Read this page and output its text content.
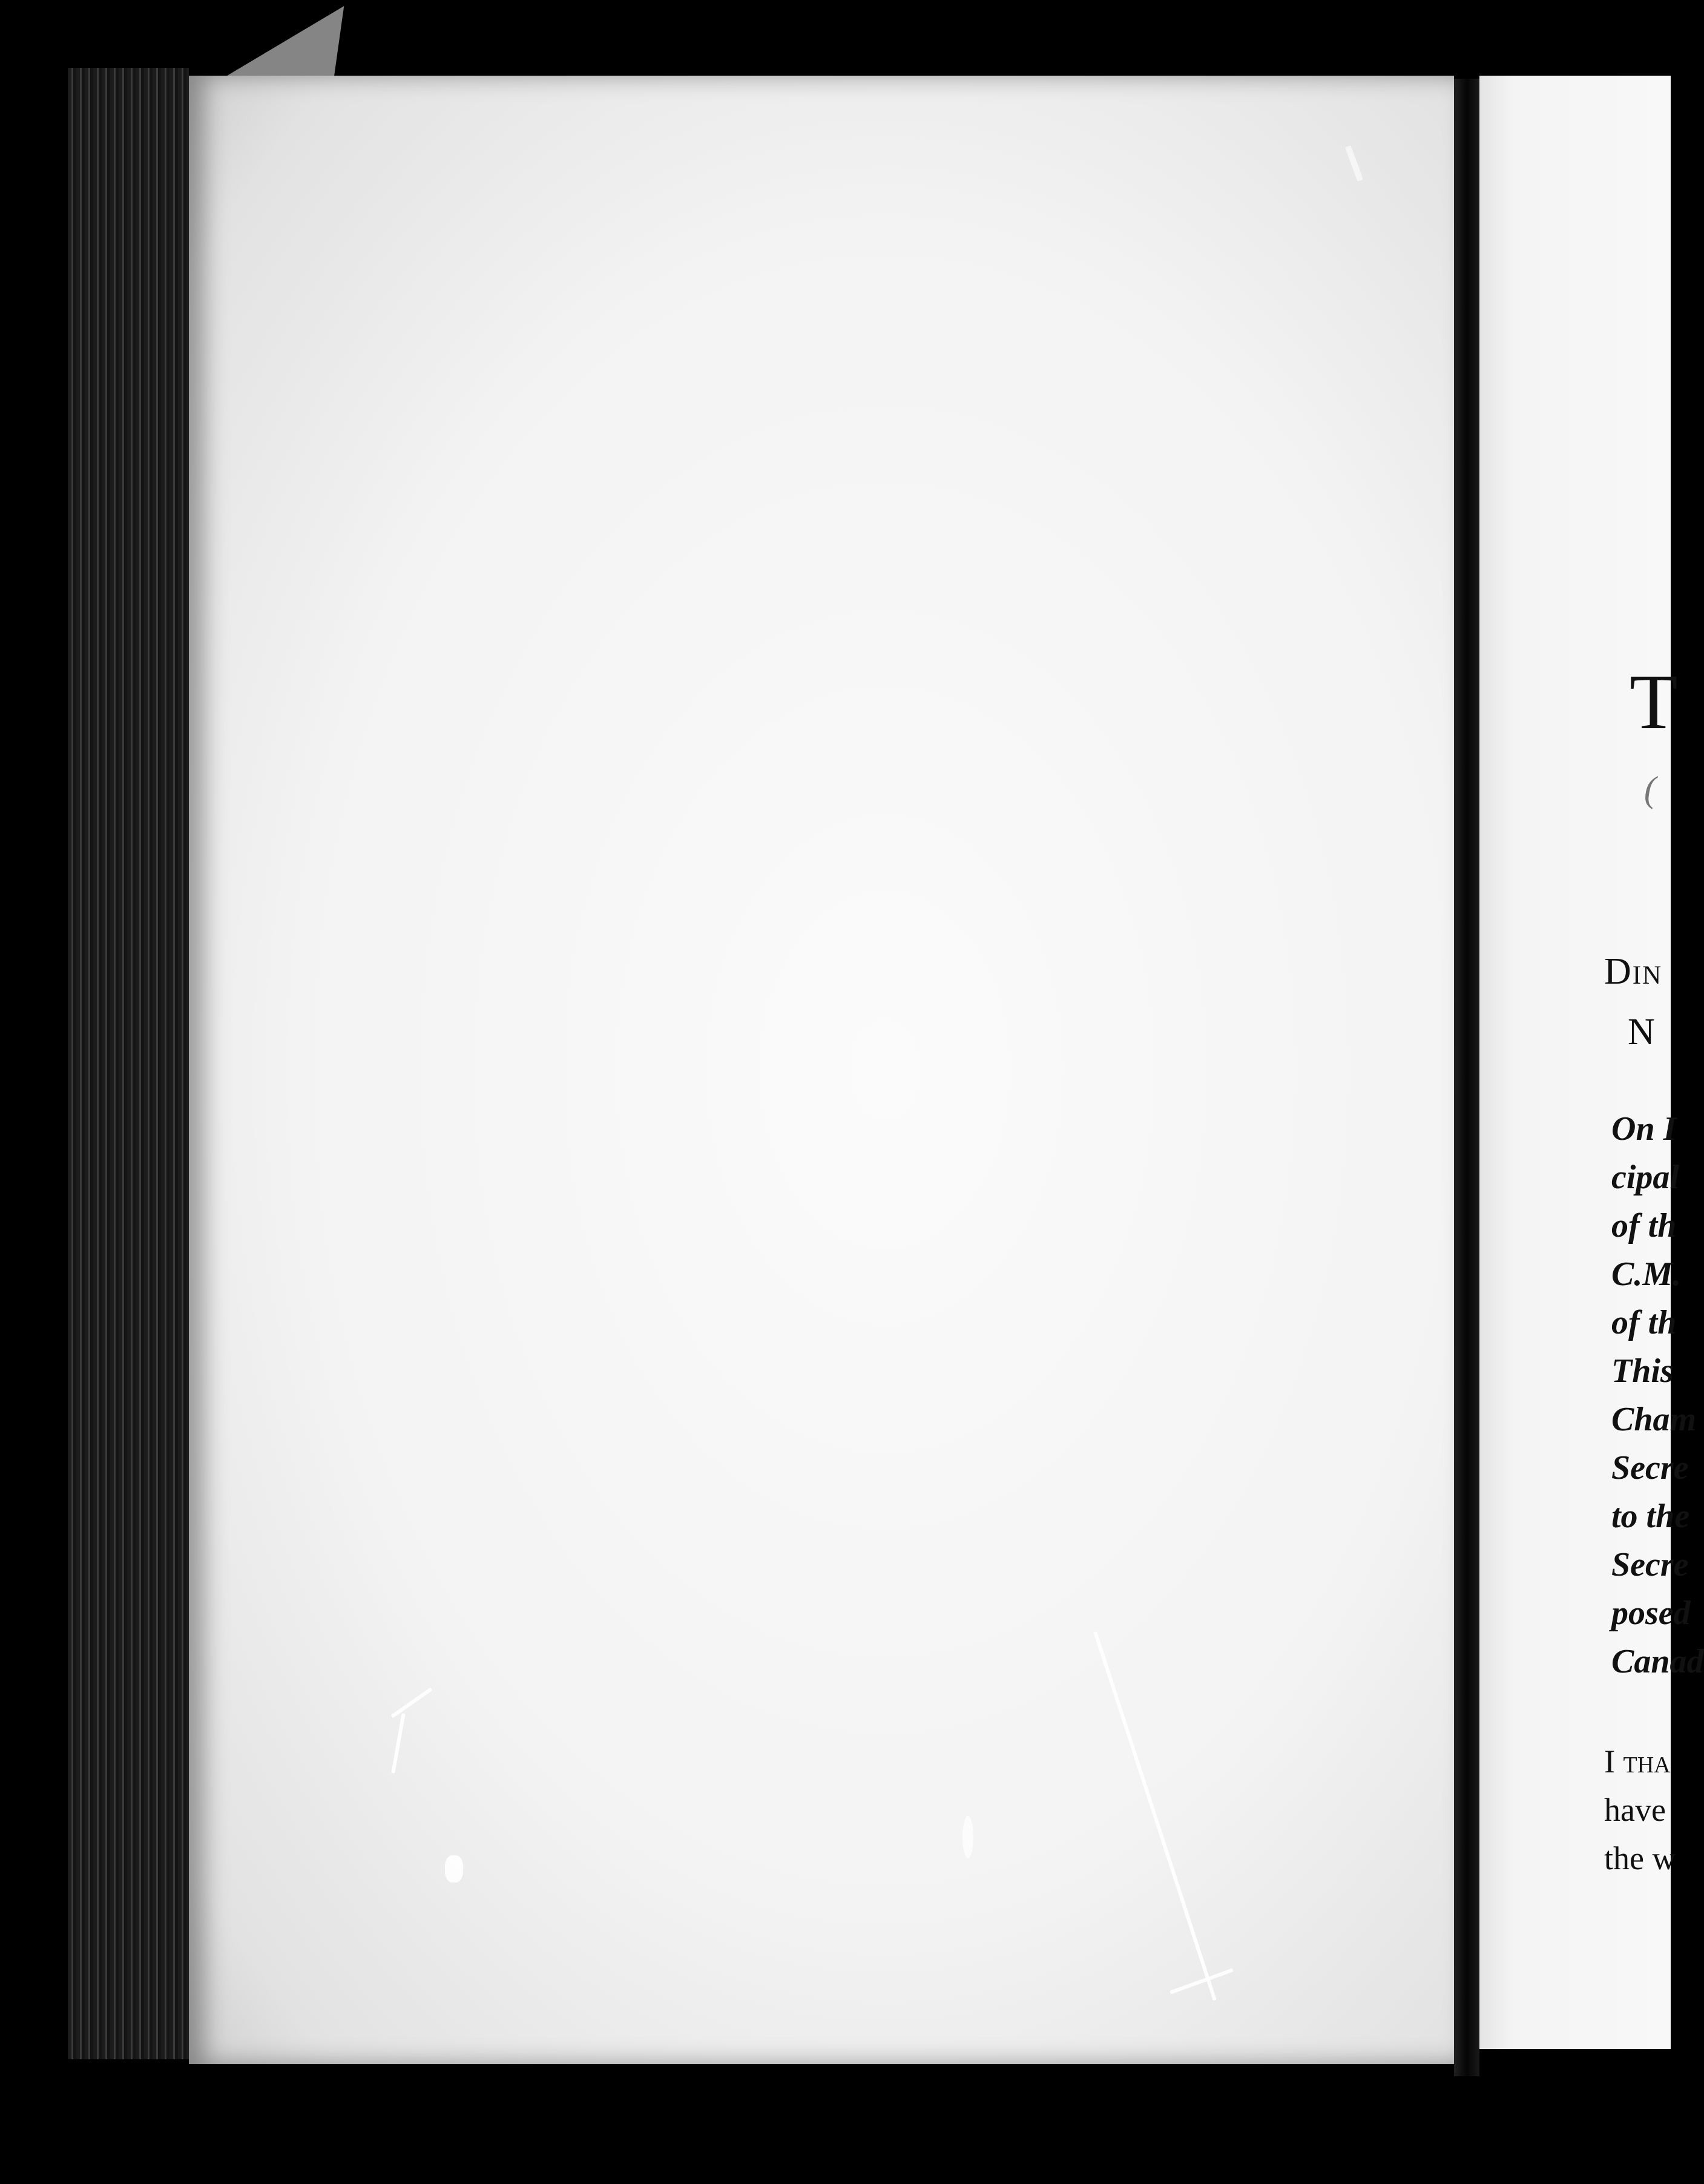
T
(
Din
N
On I
cipal
of th
C.M.
of th
This
Cham
Secre
to the
Secre
posed
Canad
I tha
have
the w
